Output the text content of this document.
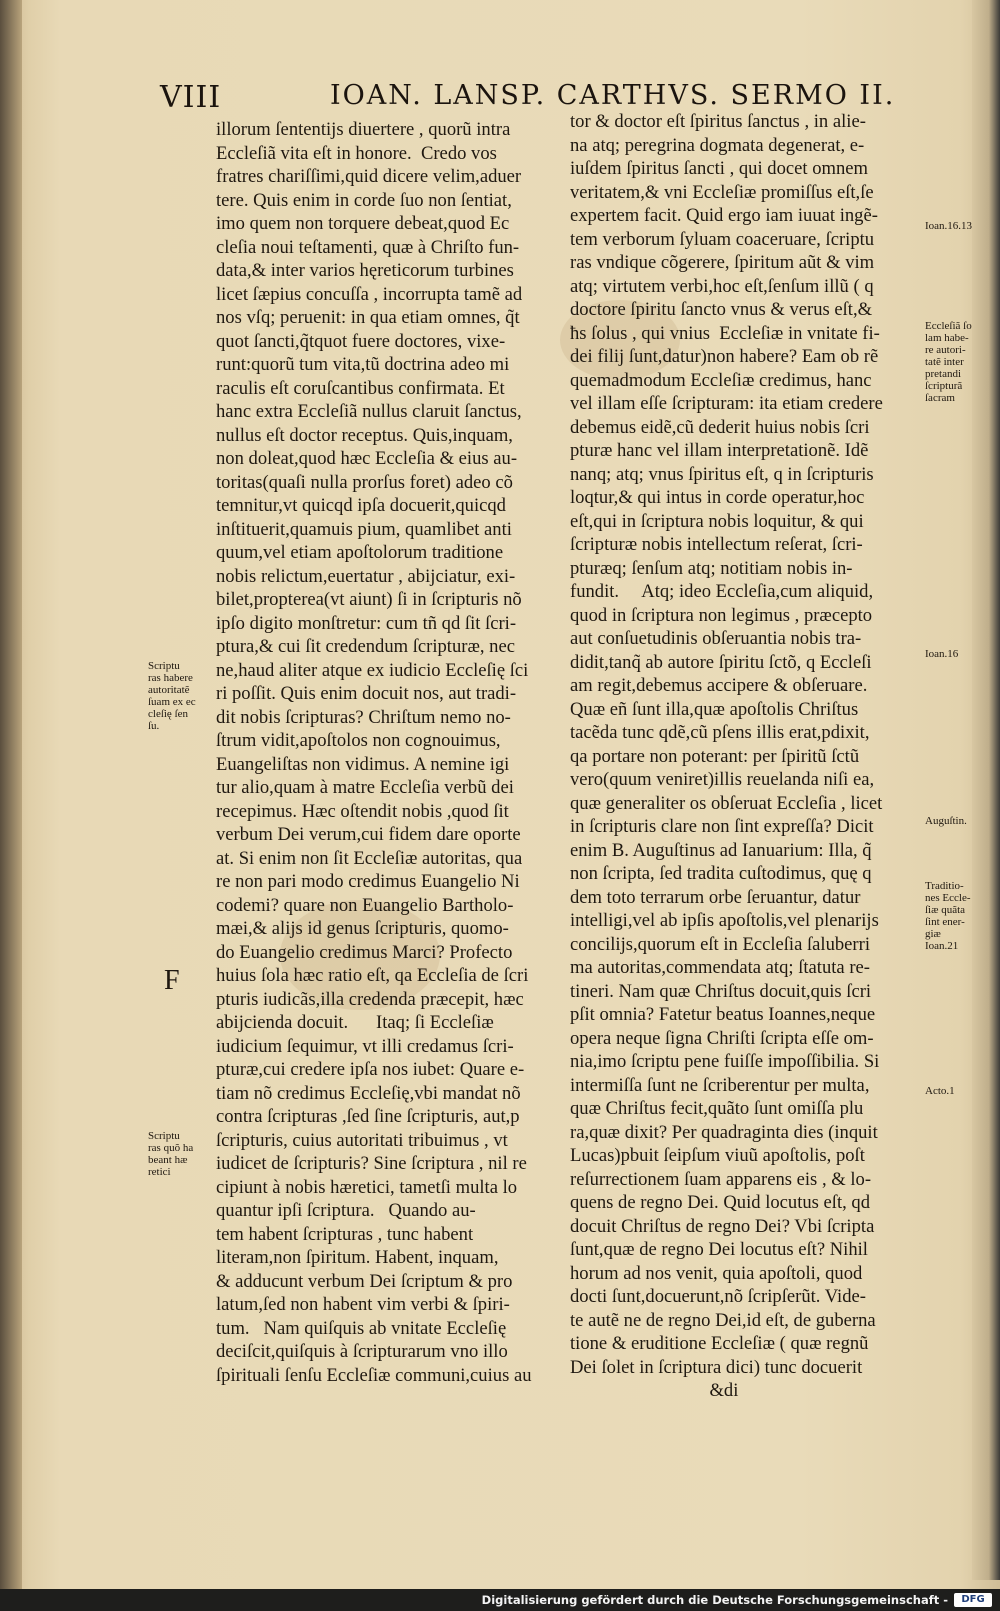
VIII	IOAN. LANSP. CARTHVS. SERMO II.
illorum ſententijs diuertere , quorũ intra
Eccleſiã vita eſt in honore.  Credo vos
fratres chariſſimi,quid dicere velim,aduer
tere. Quis enim in corde ſuo non ſentiat,
imo quem non torquere debeat,quod Ec
cleſia noui teſtamenti, quæ à Chriſto fun-
data,& inter varios hęreticorum turbines
licet ſæpius concuſſa , incorrupta tamẽ ad
nos vſq; peruenit: in qua etiam omnes, q̃t
quot ſancti,q̃tquot fuere doctores, vixe-
runt:quorũ tum vita,tũ doctrina adeo mi
raculis eſt coruſcantibus confirmata. Et
hanc extra Eccleſiã nullus claruit ſanctus,
nullus eſt doctor receptus. Quis,inquam,
non doleat,quod hæc Eccleſia & eius au-
toritas(quaſi nulla prorſus foret) adeo cõ
temnitur,vt quicqd ipſa docuerit,quicqd
inſtituerit,quamuis pium, quamlibet anti
quum,vel etiam apoſtolorum traditione
nobis relictum,euertatur , abijciatur, exi-
bilet,propterea(vt aiunt) ſi in ſcripturis nõ
ipſo digito monſtretur: cum tñ qd ſit ſcri-
ptura,& cui ſit credendum ſcripturæ, nec
ne,haud aliter atque ex iudicio Eccleſię ſci
ri poſſit. Quis enim docuit nos, aut tradi-
dit nobis ſcripturas? Chriſtum nemo no-
ſtrum vidit,apoſtolos non cognouimus,
Euangeliſtas non vidimus. A nemine igi
tur alio,quam à matre Eccleſia verbũ dei
recepimus. Hæc oſtendit nobis ,quod ſit
verbum Dei verum,cui fidem dare oporte
at. Si enim non ſit Eccleſiæ autoritas, qua
re non pari modo credimus Euangelio Ni
codemi? quare non Euangelio Bartholo-
mæi,& alijs id genus ſcripturis, quomo-
do Euangelio credimus Marci? Profecto
huius ſola hæc ratio eſt, qa Eccleſia de ſcri
pturis iudicãs,illa credenda præcepit, hæc
abijcienda docuit.      Itaq; ſi Eccleſiæ
iudicium ſequimur, vt illi credamus ſcri-
pturæ,cui credere ipſa nos iubet: Quare e-
tiam nõ credimus Eccleſię,vbi mandat nõ
contra ſcripturas ,ſed ſine ſcripturis, aut,p
ſcripturis, cuius autoritati tribuimus , vt
iudicet de ſcripturis? Sine ſcriptura , nil re
cipiunt à nobis hæretici, tametſi multa lo
quantur ipſi ſcriptura.   Quando au-
tem habent ſcripturas , tunc habent
literam,non ſpiritum. Habent, inquam,
& adducunt verbum Dei ſcriptum & pro
latum,ſed non habent vim verbi & ſpiri-
tum.   Nam quiſquis ab vnitate Eccleſię
deciſcit,quiſquis à ſcripturarum vno illo
ſpirituali ſenſu Eccleſiæ communi,cuius au
tor & doctor eſt ſpiritus ſanctus , in alie-
na atq; peregrina dogmata degenerat, e-
iuſdem ſpiritus ſancti , qui docet omnem
veritatem,& vni Eccleſiæ promiſſus eſt,ſe
expertem facit. Quid ergo iam iuuat ingẽ-
tem verborum ſyluam coaceruare, ſcriptu
ras vndique cõgerere, ſpiritum aũt & vim
atq; virtutem verbi,hoc eſt,ſenſum illũ ( q
doctore ſpiritu ſancto vnus & verus eſt,&
ħs ſolus , qui vnius  Eccleſiæ in vnitate fi-
dei filij ſunt,datur)non habere? Eam ob rẽ
quemadmodum Eccleſiæ credimus, hanc
vel illam eſſe ſcripturam: ita etiam credere
debemus eidẽ,cũ dederit huius nobis ſcri
pturæ hanc vel illam interpretationẽ. Idẽ
nanq; atq; vnus ſpiritus eſt, q in ſcripturis
loqtur,& qui intus in corde operatur,hoc
eſt,qui in ſcriptura nobis loquitur, & qui
ſcripturæ nobis intellectum reſerat, ſcri-
pturæq; ſenſum atq; notitiam nobis in-
fundit.     Atq; ideo Eccleſia,cum aliquid,
quod in ſcriptura non legimus , præcepto
aut conſuetudinis obſeruantia nobis tra-
didit,tanq̃ ab autore ſpiritu ſctõ, q Eccleſi
am regit,debemus accipere & obſeruare.
Quæ eñ ſunt illa,quæ apoſtolis Chriſtus
tacẽda tunc qdẽ,cũ pſens illis erat,pdixit,
qa portare non poterant: per ſpiritũ ſctũ
vero(quum veniret)illis reuelanda niſi ea,
quæ generaliter os obſeruat Eccleſia , licet
in ſcripturis clare non ſint expreſſa? Dicit
enim B. Auguſtinus ad Ianuarium: Illa, q̃
non ſcripta, ſed tradita cuſtodimus, quę q
dem toto terrarum orbe ſeruantur, datur
intelligi,vel ab ipſis apoſtolis,vel plenarijs
concilijs,quorum eſt in Eccleſia ſaluberri
ma autoritas,commendata atq; ſtatuta re-
tineri. Nam quæ Chriſtus docuit,quis ſcri
pſit omnia? Fatetur beatus Ioannes,neque
opera neque ſigna Chriſti ſcripta eſſe om-
nia,imo ſcriptu pene fuiſſe impoſſibilia. Si
intermiſſa ſunt ne ſcriberentur per multa,
quæ Chriſtus fecit,quãto ſunt omiſſa plu
ra,quæ dixit? Per quadraginta dies (inquit
Lucas)pbuit ſeipſum viuũ apoſtolis, poſt
reſurrectionem ſuam apparens eis , & lo-
quens de regno Dei. Quid locutus eſt, qd
docuit Chriſtus de regno Dei? Vbi ſcripta
ſunt,quæ de regno Dei locutus eſt? Nihil
horum ad nos venit, quia apoſtoli, quod
docti ſunt,docuerunt,nõ ſcripſerũt. Vide-
te autẽ ne de regno Dei,id eſt, de guberna
tione & eruditione Eccleſiæ ( quæ regnũ
Dei ſolet in ſcriptura dici) tunc docuerit
&di
Scriptu
ras habere
autoritatẽ
ſuam ex ec
cleſię ſen
ſu.
Scriptu
ras quõ ha
beant hæ
retici
Ioan.16.13
Eccleſiã ſo
lam habe-
re autori-
tatẽ inter
pretandi
ſcripturã
ſacram
Ioan.16
Auguſtin.
Traditio-
nes Eccle-
ſiæ quãta
ſint ener-
giæ
Ioan.21
Acto.1
F
Digitalisierung gefördert durch die Deutsche Forschungsgemeinschaft -	DFG
